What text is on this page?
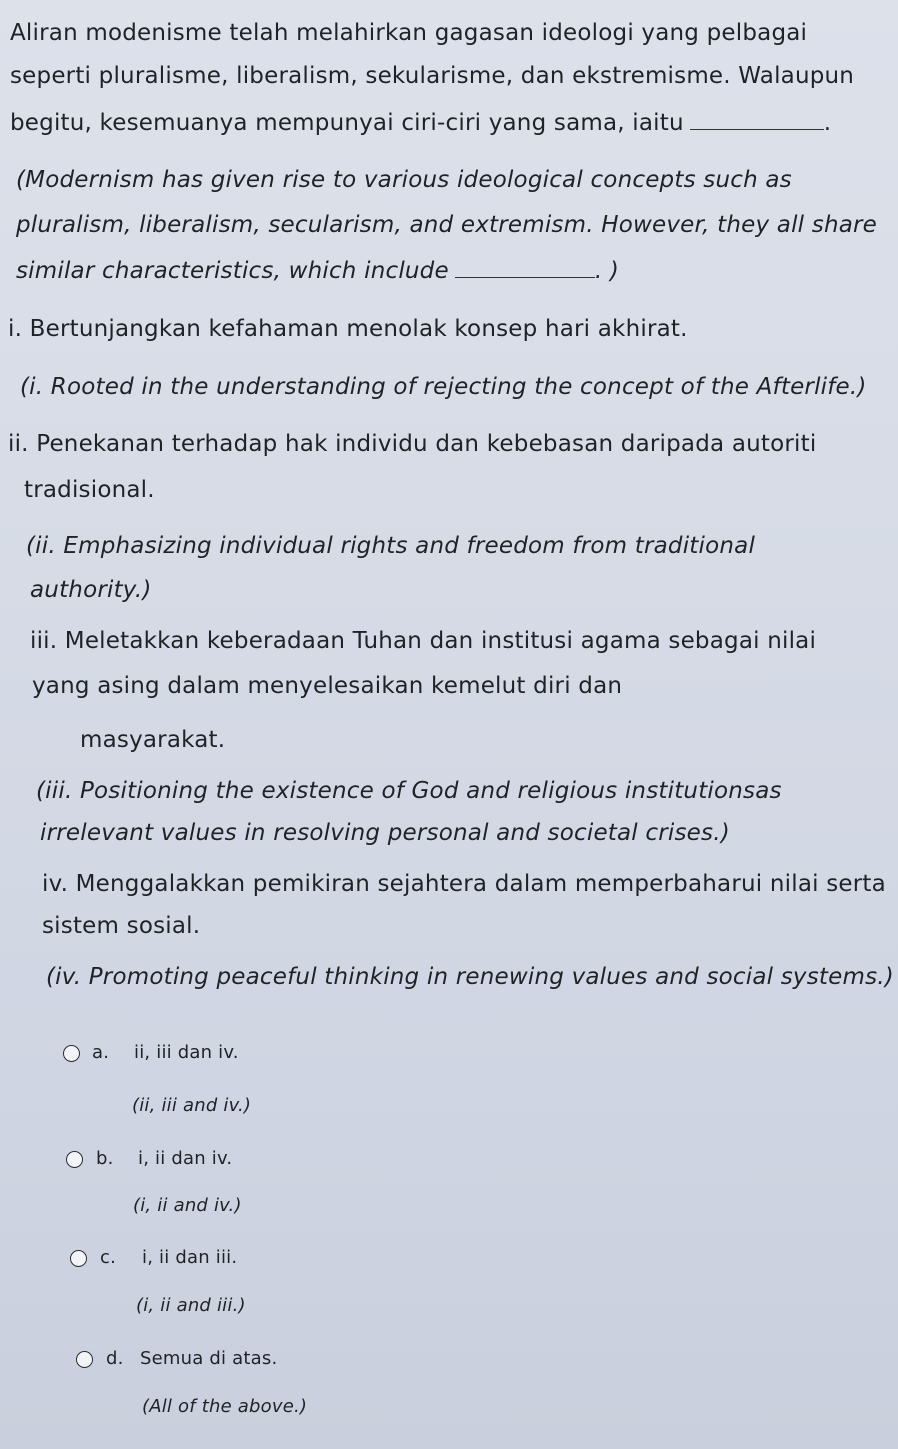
Aliran modenisme telah melahirkan gagasan ideologi yang pelbagai
seperti pluralisme, liberalism, sekularisme, dan ekstremisme. Walaupun
begitu, kesemuanya mempunyai ciri-ciri yang sama, iaitu	.
(Modernism has given rise to various ideological concepts such as
pluralism, liberalism, secularism, and extremism. However, they all share
similar characteristics, which include	. )
i. Bertunjangkan kefahaman menolak konsep hari akhirat.
(i. Rooted in the understanding of rejecting the concept of the Afterlife.)
ii. Penekanan terhadap hak individu dan kebebasan daripada autoriti
tradisional.
(ii. Emphasizing individual rights and freedom from traditional
authority.)
iii. Meletakkan keberadaan Tuhan dan institusi agama sebagai nilai
yang asing dalam menyelesaikan kemelut diri dan
masyarakat.
(iii. Positioning the existence of God and religious institutionsas
irrelevant values in resolving personal and societal crises.)
iv. Menggalakkan pemikiran sejahtera dalam memperbaharui nilai serta
sistem sosial.
(iv. Promoting peaceful thinking in renewing values and social systems.)
a. ii, iii dan iv.
(ii, iii and iv.)
b. i, ii dan iv.
(i, ii and iv.)
c. i, ii dan iii.
(i, ii and iii.)
d. Semua di atas.
(All of the above.)
